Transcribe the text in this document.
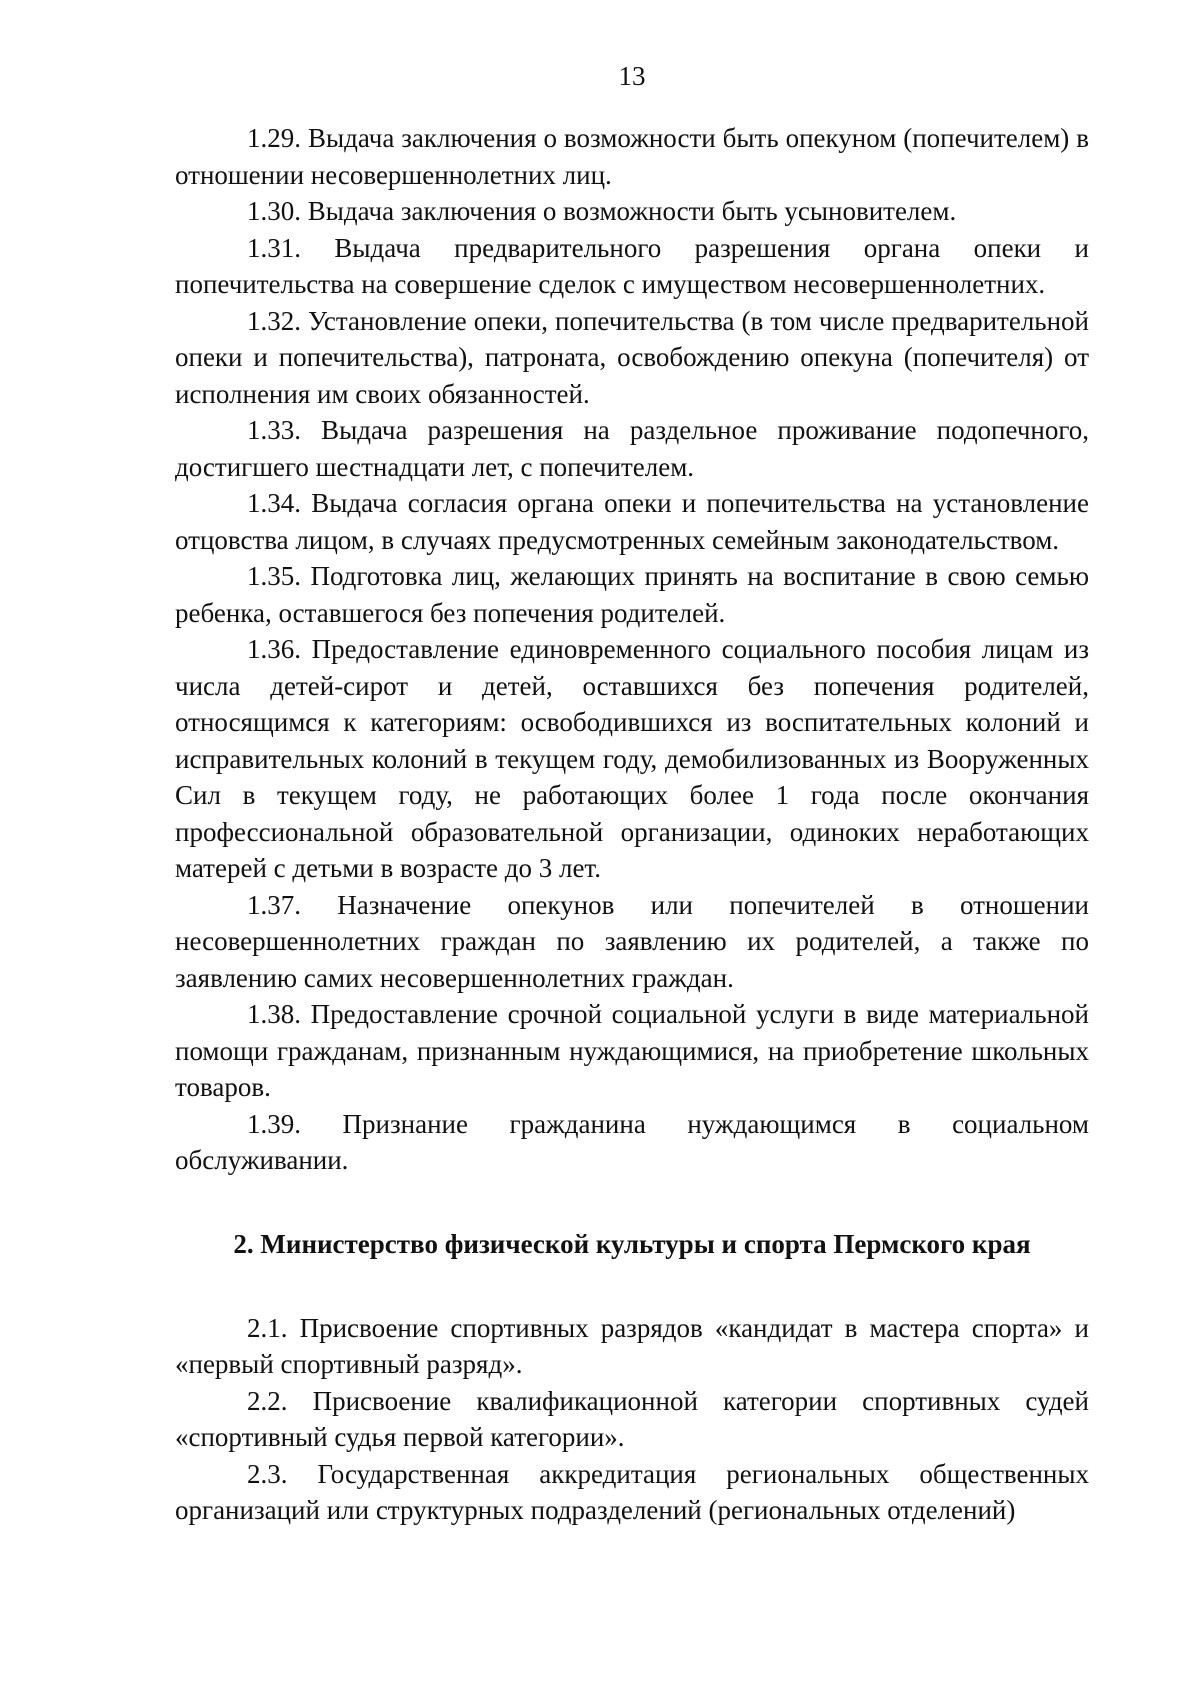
13

1.29. Выдача заключения о возможности быть опекуном (попечителем) в отношении несовершеннолетних лиц.

1.30. Выдача заключения о возможности быть усыновителем.

1.31. Выдача предварительного разрешения органа опеки и попечительства на совершение сделок с имуществом несовершеннолетних.

1.32. Установление опеки, попечительства (в том числе предварительной опеки и попечительства), патроната, освобождению опекуна (попечителя) от исполнения им своих обязанностей.

1.33. Выдача разрешения на раздельное проживание подопечного, достигшего шестнадцати лет, с попечителем.

1.34. Выдача согласия органа опеки и попечительства на установление отцовства лицом, в случаях предусмотренных семейным законодательством.

1.35. Подготовка лиц, желающих принять на воспитание в свою семью ребенка, оставшегося без попечения родителей.

1.36. Предоставление единовременного социального пособия лицам из числа детей-сирот и детей, оставшихся без попечения родителей, относящимся к категориям: освободившихся из воспитательных колоний и исправительных колоний в текущем году, демобилизованных из Вооруженных Сил в текущем году, не работающих более 1 года после окончания профессиональной образовательной организации, одиноких неработающих матерей с детьми в возрасте до 3 лет.

1.37. Назначение опекунов или попечителей в отношении несовершеннолетних граждан по заявлению их родителей, а также по заявлению самих несовершеннолетних граждан.

1.38. Предоставление срочной социальной услуги в виде материальной помощи гражданам, признанным нуждающимися, на приобретение школьных товаров.

1.39. Признание гражданина нуждающимся в социальном обслуживании.

2. Министерство физической культуры и спорта Пермского края

2.1. Присвоение спортивных разрядов «кандидат в мастера спорта» и «первый спортивный разряд».

2.2. Присвоение квалификационной категории спортивных судей «спортивный судья первой категории».

2.3. Государственная аккредитация региональных общественных организаций или структурных подразделений (региональных отделений)
